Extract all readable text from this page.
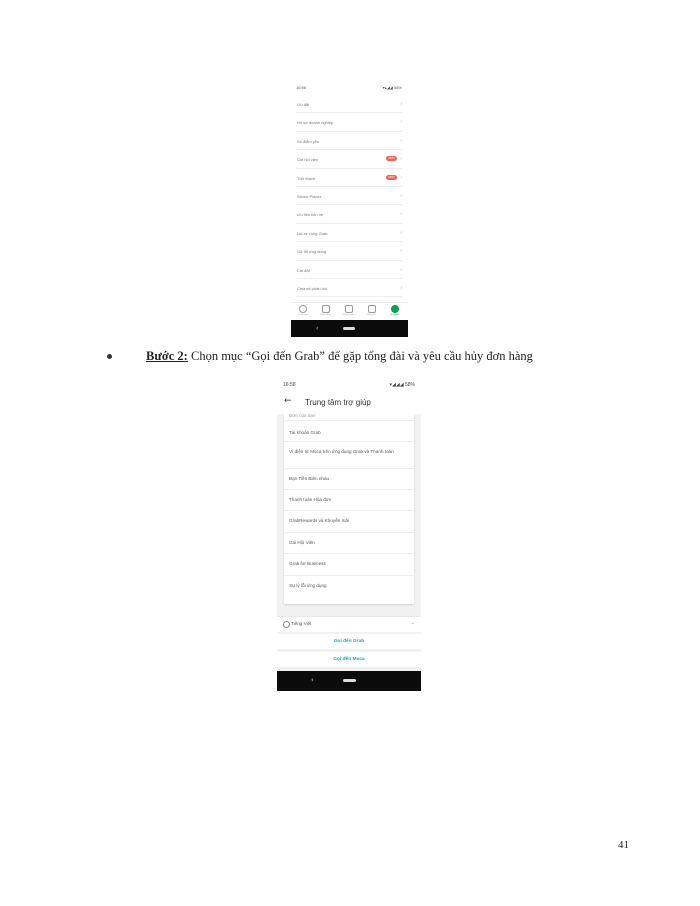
16:56	▾▴◢◢ 58%
Ưu đãi	›
Hồ sơ doanh nghiệp	›
Số điểm yêu	›
Gói hội viên	MỚI	›
Thử thách	MỚI	›
Saved Places	›
Ưu tiên liên hệ	›
Lái xe cùng Grab	›
Gỡ lỗi ứng dụng	›
Cài đặt	›
Chia sẻ phản hồi	›
Trang chủ	Hoạt động	Thanh toán	Hộp thư	Tài khoản
‹
Bước 2: Chọn mục “Gọi đến Grab” để gặp tổng đài và yêu cầu hủy đơn hàng
16:58	▾◢◢◢ 58%
← Trung tâm trợ giúp
Đơn của bạn
Tài khoản Grab
Ví điện tử Moca trên ứng dụng Grab và Thanh toán
Bạn Tiền Biên nhau
Thanh toán Hóa đơn
GrabRewards và Khuyến mãi
Gói Hội Viên
Grab for Business
Sự lý lỗi ứng dụng
Tiếng Việt	⌄
Gọi đến Grab
Gọi đến Moca
‹
41
